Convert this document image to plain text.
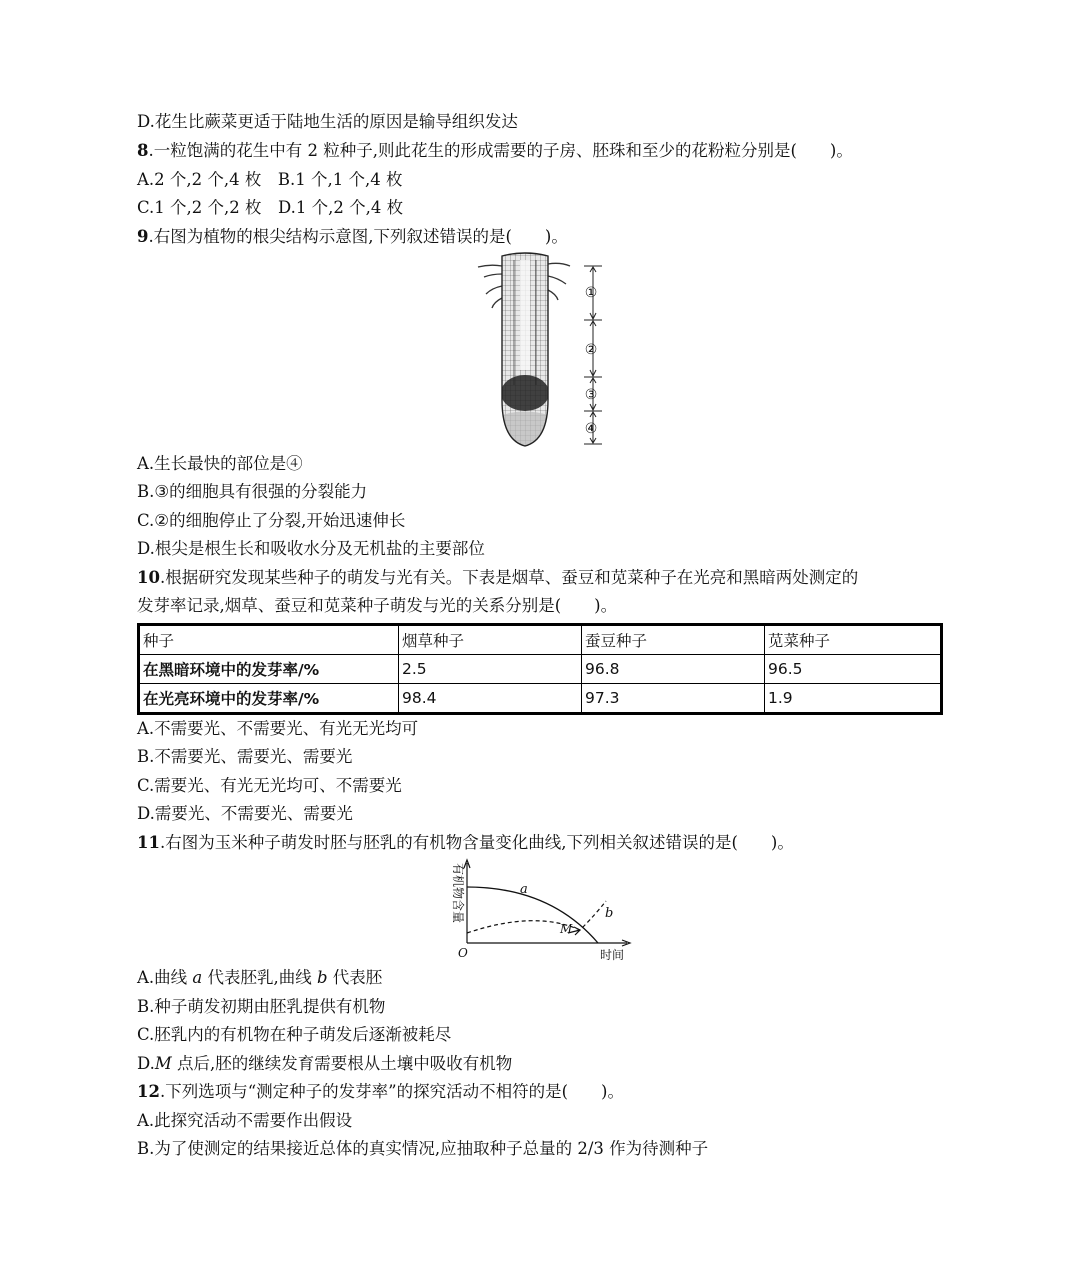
D.花生比蕨菜更适于陆地生活的原因是输导组织发达
8.一粒饱满的花生中有 2 粒种子,则此花生的形成需要的子房、胚珠和至少的花粉粒分别是(　　)。
A.2 个,2 个,4 枚　B.1 个,1 个,4 枚
C.1 个,2 个,2 枚　D.1 个,2 个,4 枚
9.右图为植物的根尖结构示意图,下列叙述错误的是(　　)。
①
②
③
④
A.生长最快的部位是④
B.③的细胞具有很强的分裂能力
C.②的细胞停止了分裂,开始迅速伸长
D.根尖是根生长和吸收水分及无机盐的主要部位
10.根据研究发现某些种子的萌发与光有关。下表是烟草、蚕豆和苋菜种子在光亮和黑暗两处测定的
发芽率记录,烟草、蚕豆和苋菜种子萌发与光的关系分别是(　　)。
种子	烟草种子	蚕豆种子	苋菜种子
在黑暗环境中的发芽率/%	2.5	96.8	96.5
在光亮环境中的发芽率/%	98.4	97.3	1.9
A.不需要光、不需要光、有光无光均可
B.不需要光、需要光、需要光
C.需要光、有光无光均可、不需要光
D.需要光、不需要光、需要光
11.右图为玉米种子萌发时胚与胚乳的有机物含量变化曲线,下列相关叙述错误的是(　　)。
有机物含量
O	时间
a
b
M
A.曲线 a 代表胚乳,曲线 b 代表胚
B.种子萌发初期由胚乳提供有机物
C.胚乳内的有机物在种子萌发后逐渐被耗尽
D.M 点后,胚的继续发育需要根从土壤中吸收有机物
12.下列选项与“测定种子的发芽率”的探究活动不相符的是(　　)。
A.此探究活动不需要作出假设
B.为了使测定的结果接近总体的真实情况,应抽取种子总量的 2/3 作为待测种子
